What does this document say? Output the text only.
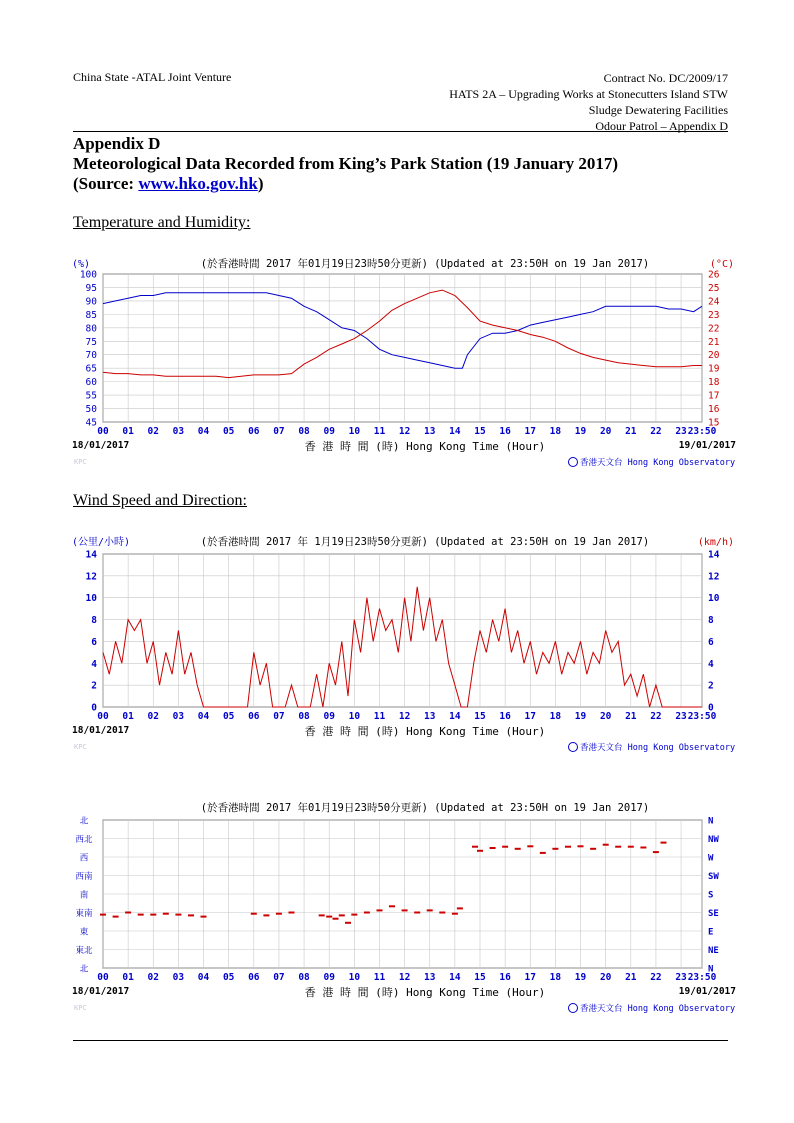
China State -ATAL Joint Venture	Contract No. DC/2009/17
HATS 2A – Upgrading Works at Stonecutters Island STW
Sludge Dewatering Facilities
Odour Patrol – Appendix D
Appendix D
Meteorological Data Recorded from King’s Park Station (19 January 2017)
(Source: www.hko.gov.hk)
Temperature and Humidity:
(於香港時間 2017 年01月19日23時50分更新) (Updated at 23:50H on 19 Jan 2017)
(%)	(°C)
00 01 02 03 04 05 06 07 08 09 10 11 12 13 14 15 16 17 18 19 20 21 22 23 23:50
18/01/2017	19/01/2017
香 港 時 間 (時) Hong Kong Time (Hour)
香港天文台 Hong Kong Observatory
KPC
45
50
55
60
65
70
75
80
85
90
95
100
15
16
17
18
19
20
21
22
23
24
25
26
Wind Speed and Direction:
(於香港時間 2017 年 1月19日23時50分更新) (Updated at 23:50H on 19 Jan 2017)
(公里/小時)	(km/h)
00 01 02 03 04 05 06 07 08 09 10 11 12 13 14 15 16 17 18 19 20 21 22 23 23:50
18/01/2017	香 港 時 間 (時) Hong Kong Time (Hour)
香港天文台 Hong Kong Observatory
KPC
0	0
2	2
4	4
6	6
8	8
10	10
12	12
14	14
(於香港時間 2017 年01月19日23時50分更新) (Updated at 23:50H on 19 Jan 2017)
00 01 02 03 04 05 06 07 08 09 10 11 12 13 14 15 16 17 18 19 20 21 22 23 23:50
18/01/2017	19/01/2017
香 港 時 間 (時) Hong Kong Time (Hour)
香港天文台 Hong Kong Observatory
KPC
北	N
西北	NW
西	W
西南	SW
南	S
東南	SE
東	E
東北	NE
北	N
